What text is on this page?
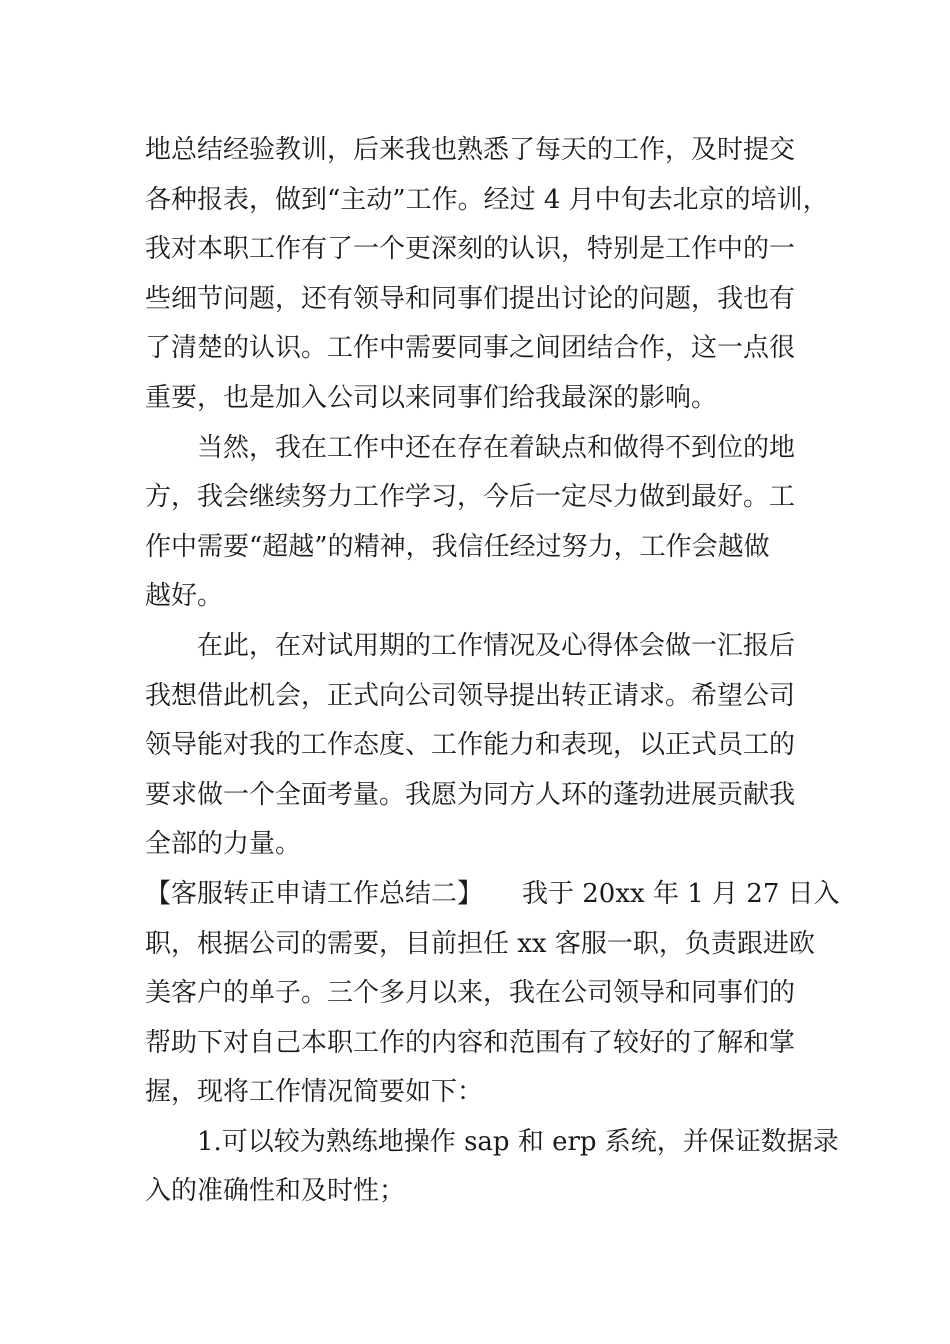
地总结经验教训，后来我也熟悉了每天的工作，及时提交
各种报表，做到“主动”工作。经过 4 月中旬去北京的培训，
我对本职工作有了一个更深刻的认识，特别是工作中的一
些细节问题，还有领导和同事们提出讨论的问题，我也有
了清楚的认识。工作中需要同事之间团结合作，这一点很
重要，也是加入公司以来同事们给我最深的影响。
当然，我在工作中还在存在着缺点和做得不到位的地
方，我会继续努力工作学习，今后一定尽力做到最好。工
作中需要“超越”的精神，我信任经过努力，工作会越做
越好。
在此，在对试用期的工作情况及心得体会做一汇报后
我想借此机会，正式向公司领导提出转正请求。希望公司
领导能对我的工作态度、工作能力和表现，以正式员工的
要求做一个全面考量。我愿为同方人环的蓬勃进展贡献我
全部的力量。
【客服转正申请工作总结二】　　我于 20xx 年 1 月 27 日入
职，根据公司的需要，目前担任 xx 客服一职，负责跟进欧
美客户的单子。三个多月以来，我在公司领导和同事们的
帮助下对自己本职工作的内容和范围有了较好的了解和掌
握，现将工作情况简要如下：
1.可以较为熟练地操作 sap 和 erp 系统，并保证数据录
入的准确性和及时性；
